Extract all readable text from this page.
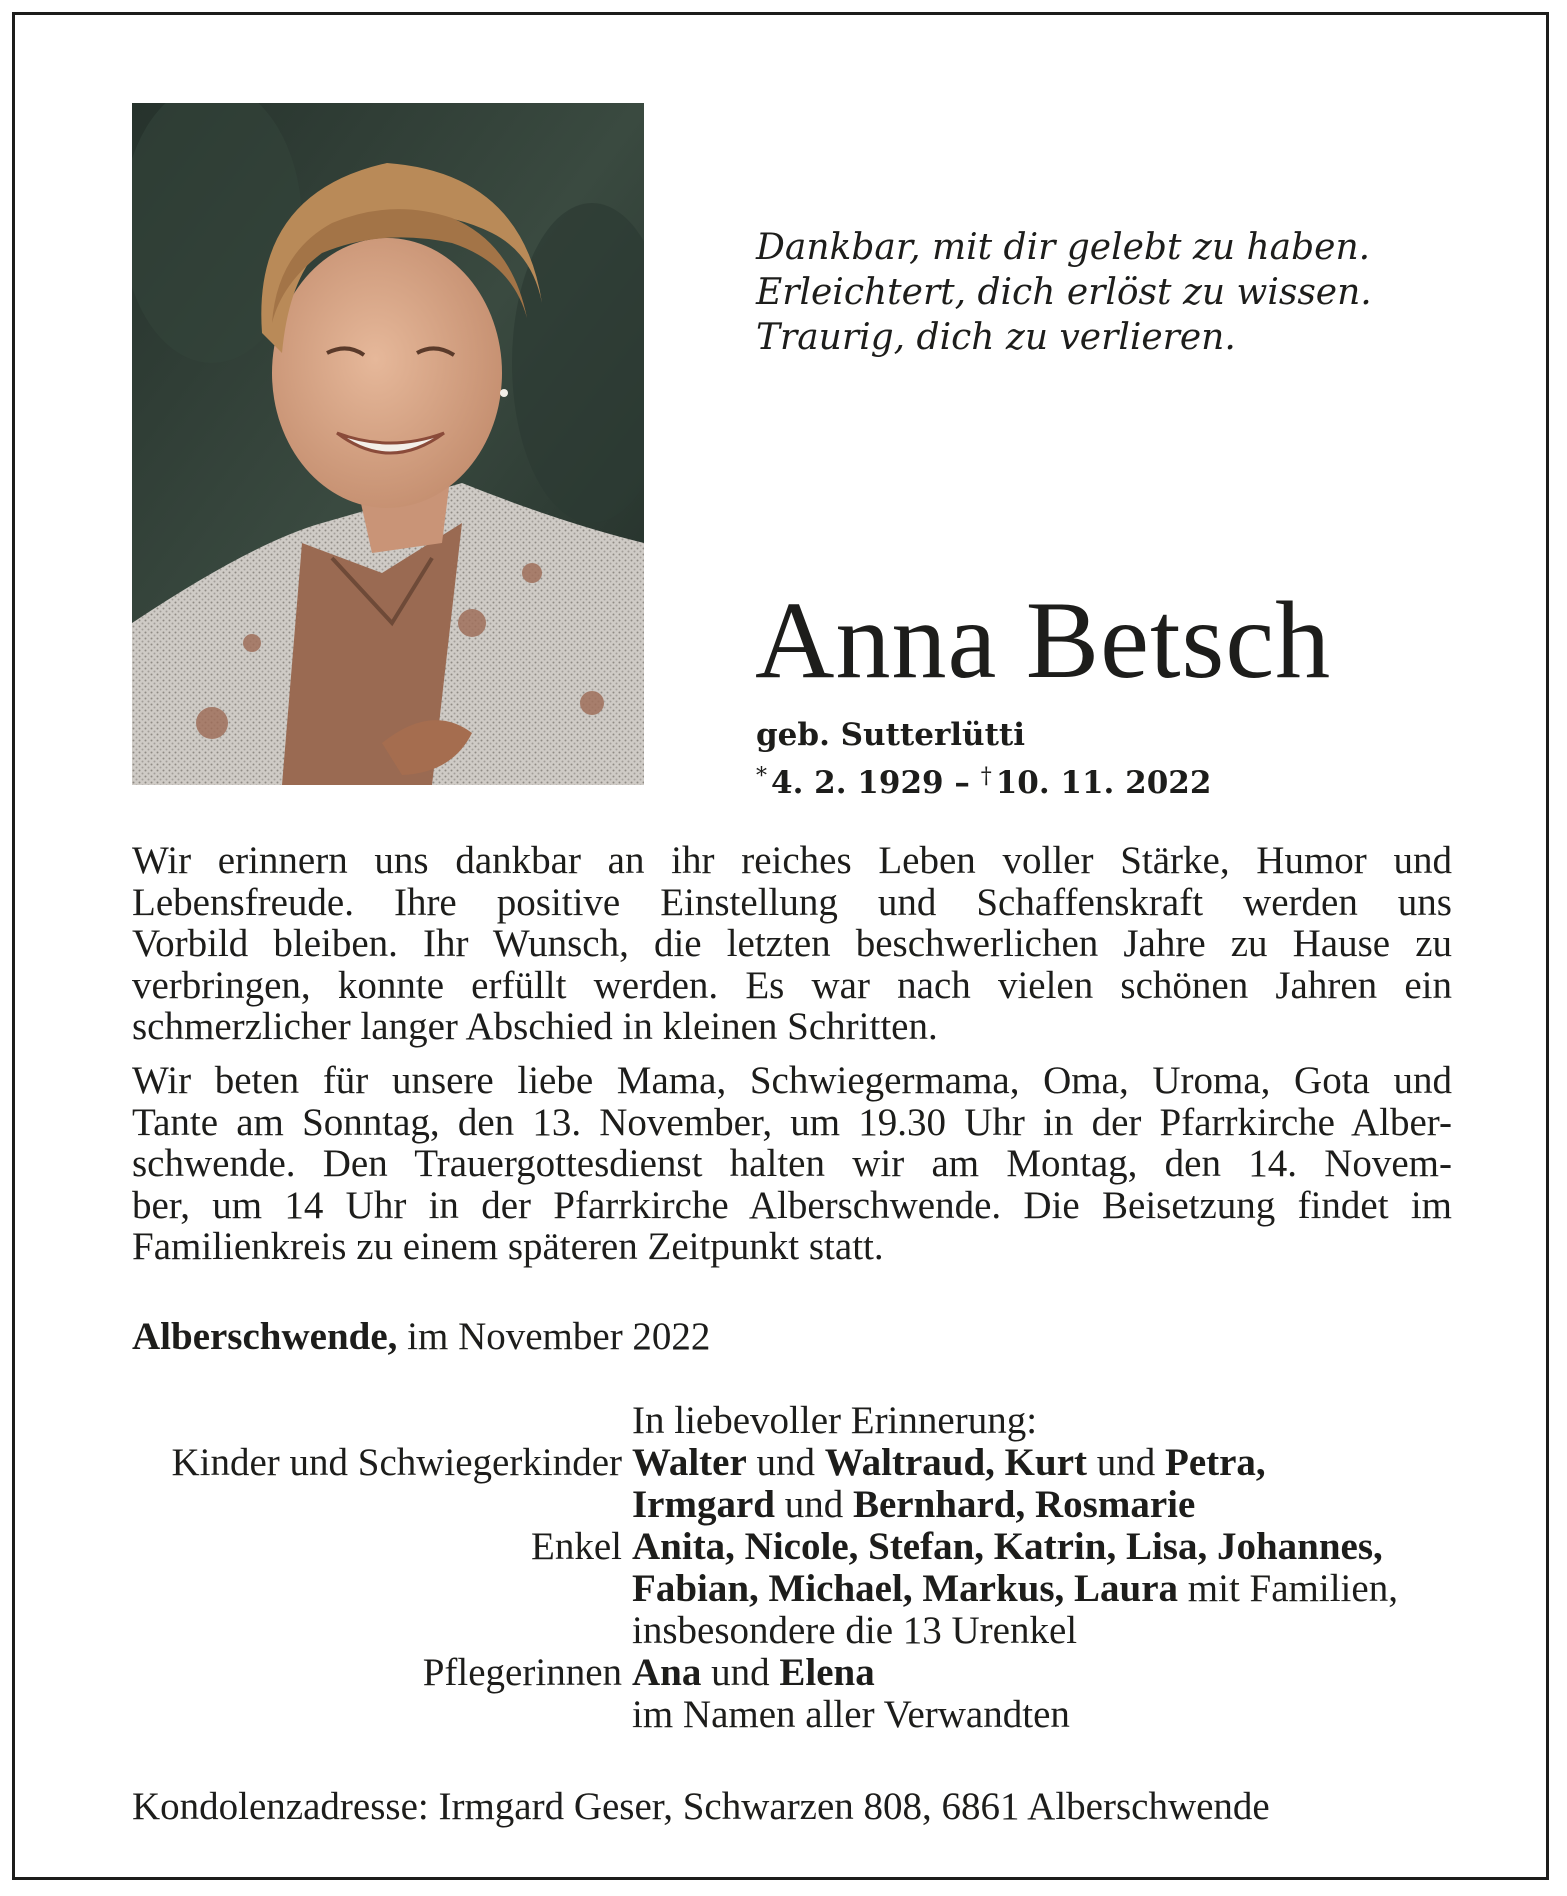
Dankbar, mit dir gelebt zu haben.
Erleichtert, dich erlöst zu wissen.
Traurig, dich zu verlieren.
Anna Betsch
geb. Sutterlütti
* 4. 2. 1929 – † 10. 11. 2022
Wir erinnern uns dankbar an ihr reiches Leben voller Stärke, Humor und
Lebensfreude. Ihre positive Einstellung und Schaffenskraft werden uns
Vorbild bleiben. Ihr Wunsch, die letzten beschwerlichen Jahre zu Hause zu
verbringen, konnte erfüllt werden. Es war nach vielen schönen Jahren ein
schmerzlicher langer Abschied in kleinen Schritten.
Wir beten für unsere liebe Mama, Schwiegermama, Oma, Uroma, Gota und
Tante am Sonntag, den 13. November, um 19.30 Uhr in der Pfarrkirche Alber-
schwende. Den Trauergottesdienst halten wir am Montag, den 14. Novem-
ber, um 14 Uhr in der Pfarrkirche Alberschwende. Die Beisetzung findet im
Familienkreis zu einem späteren Zeitpunkt statt.
Alberschwende, im November 2022
In liebevoller Erinnerung:
Kinder und Schwiegerkinder Walter und Waltraud, Kurt und Petra,
Irmgard und Bernhard, Rosmarie
Enkel Anita, Nicole, Stefan, Katrin, Lisa, Johannes,
Fabian, Michael, Markus, Laura mit Familien,
insbesondere die 13 Urenkel
Pflegerinnen Ana und Elena
im Namen aller Verwandten
Kondolenzadresse: Irmgard Geser, Schwarzen 808, 6861 Alberschwende
